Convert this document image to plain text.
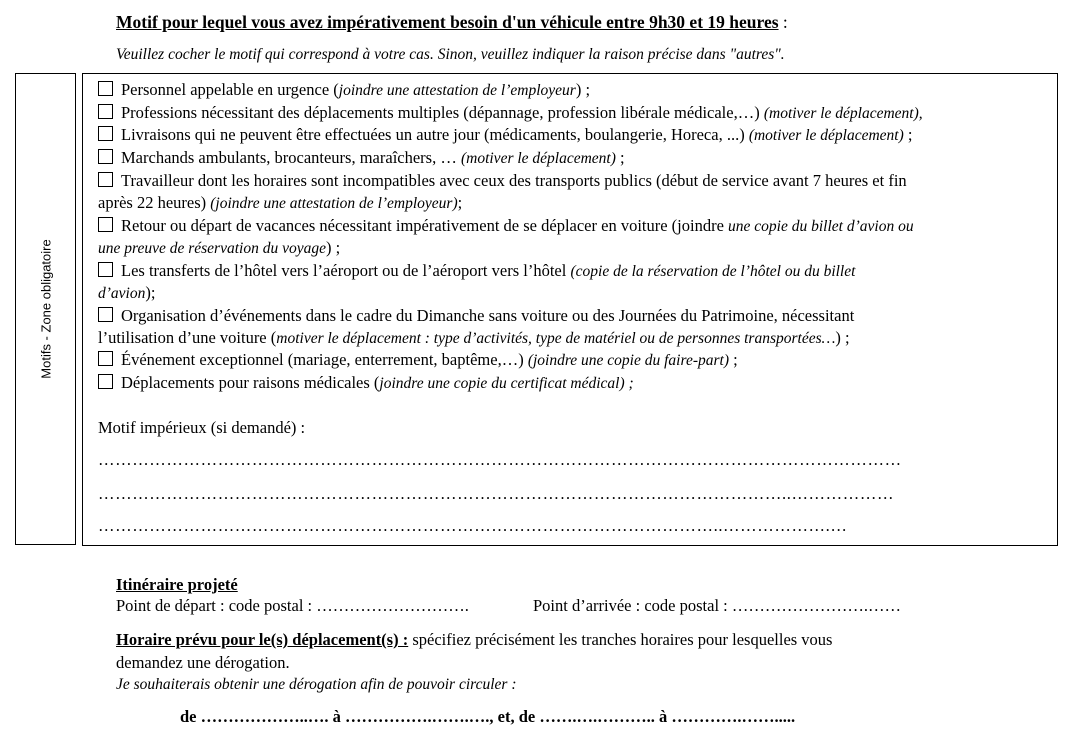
Motif pour lequel vous avez impérativement besoin d'un véhicule entre 9h30 et 19 heures :
Veuillez cocher le motif qui correspond à votre cas. Sinon, veuillez indiquer la raison précise dans "autres".
Motifs - Zone obligatoire
Personnel appelable en urgence (joindre une attestation de l’employeur) ;
Professions nécessitant des déplacements multiples (dépannage, profession libérale médicale,…) (motiver le déplacement),
Livraisons qui ne peuvent être effectuées un autre jour (médicaments, boulangerie, Horeca, ...) (motiver le déplacement) ;
Marchands ambulants, brocanteurs, maraîchers, … (motiver le déplacement) ;
Travailleur dont les horaires sont incompatibles avec ceux des transports publics (début de service avant 7 heures et fin
après 22 heures) (joindre une attestation de l’employeur);
Retour ou départ de vacances nécessitant impérativement de se déplacer en voiture (joindre une copie du billet d’avion ou
une preuve de réservation du voyage) ;
Les transferts de l’hôtel vers l’aéroport ou de l’aéroport vers l’hôtel (copie de la réservation de l’hôtel ou du billet
d’avion);
Organisation d’événements dans le cadre du Dimanche sans voiture ou des Journées du Patrimoine, nécessitant
l’utilisation d’une voiture (motiver le déplacement : type d’activités, type de matériel ou de personnes transportées…) ;
Événement exceptionnel (mariage, enterrement, baptême,…) (joindre une copie du faire-part) ;
Déplacements pour raisons médicales (joindre une copie du certificat médical) ;
Motif impérieux (si demandé) :
……………………………………………………………………………………………………………………………
…………………………………………………………………………………………………………..………………
………………………………………………………………………………………………..……………….…
Itinéraire projeté
Point de départ : code postal : ……………………….	Point d’arrivée : code postal : …………………….……
Horaire prévu pour le(s) déplacement(s) : spécifiez précisément les tranches horaires pour lesquelles vous
demandez une dérogation.
Je souhaiterais obtenir une dérogation afin de pouvoir circuler :
de ………………..…. à …………….…….…., et, de …….….……….. à ………….…….....
